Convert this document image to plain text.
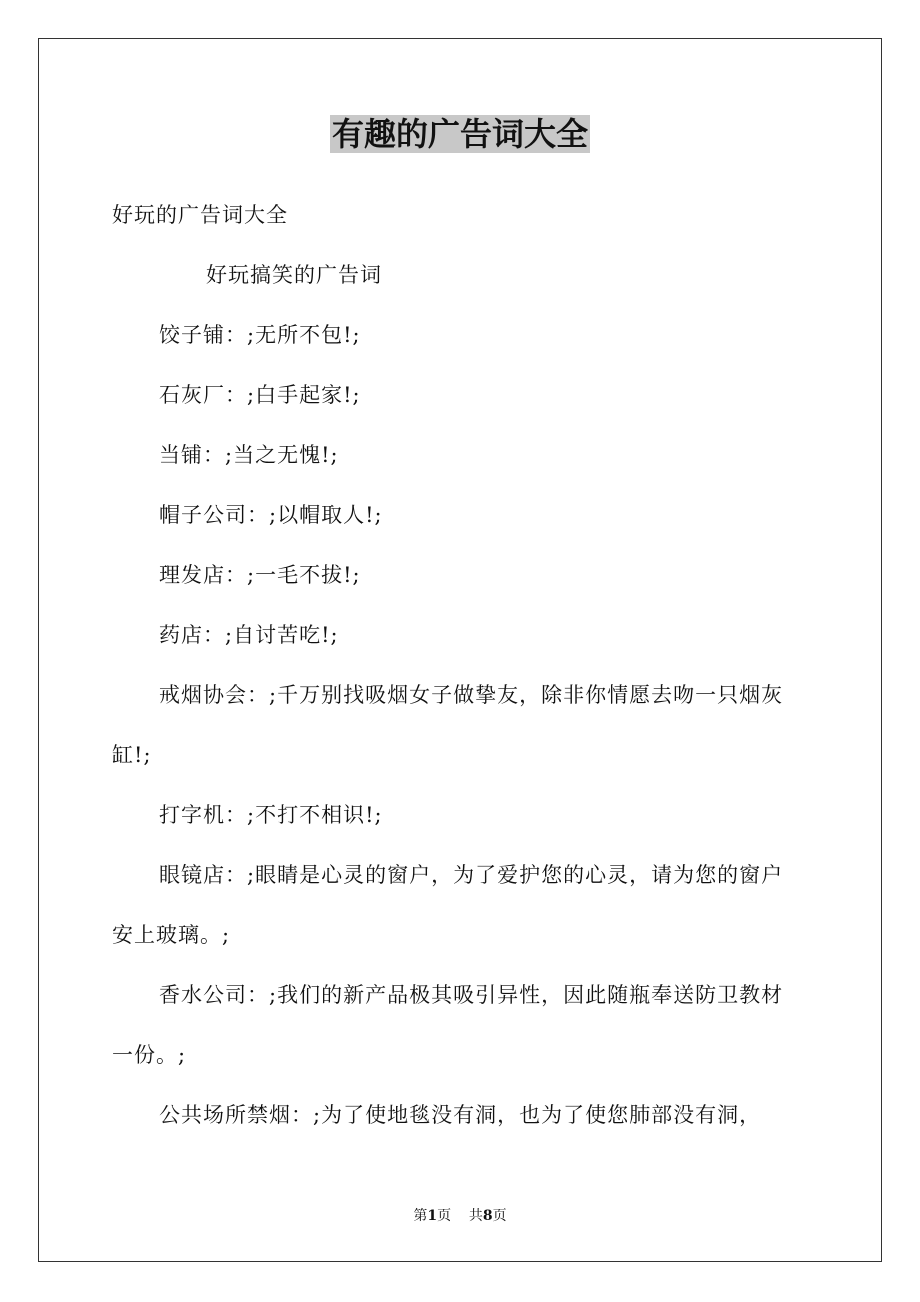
有趣的广告词大全

好玩的广告词大全

好玩搞笑的广告词

饺子铺：;无所不包!;

石灰厂：;白手起家!;

当铺：;当之无愧!;

帽子公司：;以帽取人!;

理发店：;一毛不拔!;

药店：;自讨苦吃!;

戒烟协会：;千万别找吸烟女子做挚友，除非你情愿去吻一只烟灰缸!;

打字机：;不打不相识!;

眼镜店：;眼睛是心灵的窗户，为了爱护您的心灵，请为您的窗户安上玻璃。;

香水公司：;我们的新产品极其吸引异性，因此随瓶奉送防卫教材一份。;

公共场所禁烟：;为了使地毯没有洞，也为了使您肺部没有洞，

第1页 共8页
